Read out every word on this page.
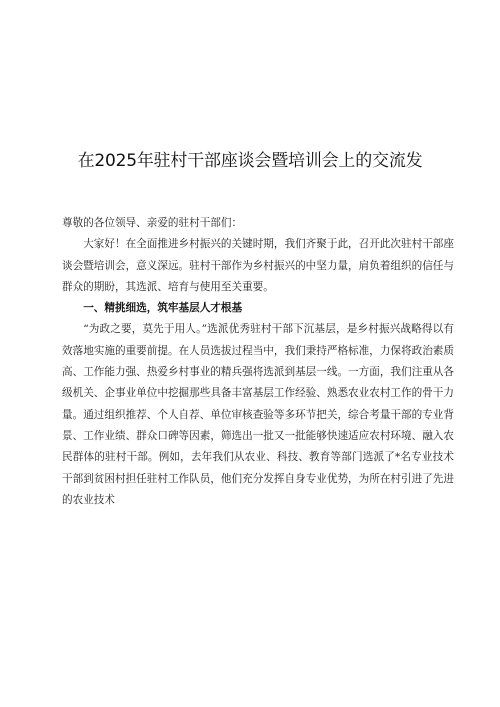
在2025年驻村干部座谈会暨培训会上的交流发

尊敬的各位领导、亲爱的驻村干部们：

大家好！在全面推进乡村振兴的关键时期，我们齐聚于此，召开此次驻村干部座谈会暨培训会，意义深远。驻村干部作为乡村振兴的中坚力量，肩负着组织的信任与群众的期盼，其选派、培育与使用至关重要。

一、精挑细选，筑牢基层人才根基

“为政之要，莫先于用人。”选派优秀驻村干部下沉基层，是乡村振兴战略得以有效落地实施的重要前提。在人员选拔过程当中，我们秉持严格标准，力保将政治素质高、工作能力强、热爱乡村事业的精兵强将选派到基层一线。一方面，我们注重从各级机关、企事业单位中挖掘那些具备丰富基层工作经验、熟悉农业农村工作的骨干力量。通过组织推荐、个人自荐、单位审核查验等多环节把关，综合考量干部的专业背景、工作业绩、群众口碑等因素，筛选出一批又一批能够快速适应农村环境、融入农民群体的驻村干部。例如，去年我们从农业、科技、教育等部门选派了*名专业技术干部到贫困村担任驻村工作队员，他们充分发挥自身专业优势，为所在村引进了先进的农业技术
